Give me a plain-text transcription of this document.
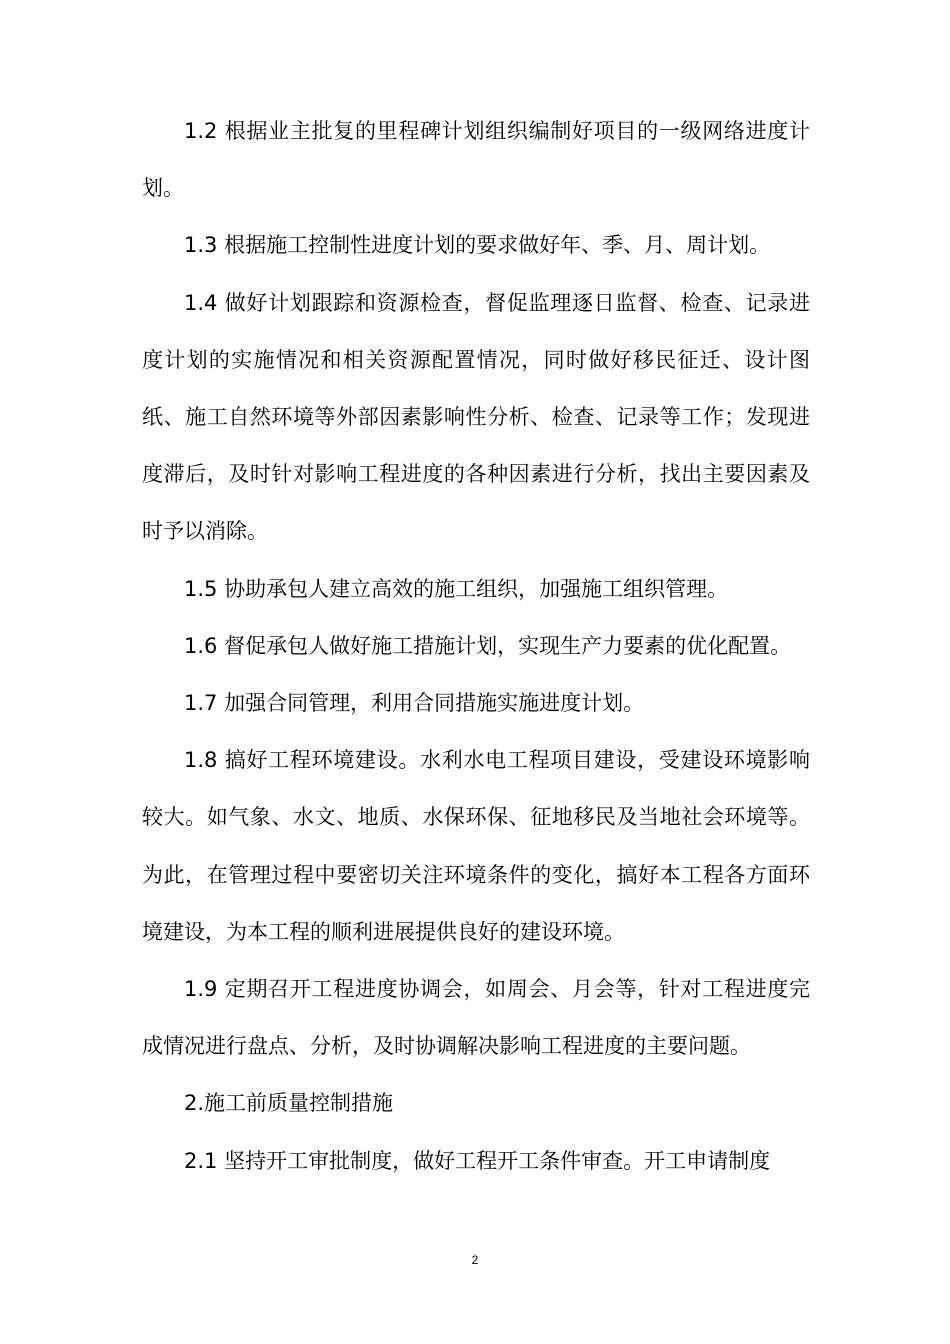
1.2 根据业主批复的里程碑计划组织编制好项目的一级网络进度计划。

1.3 根据施工控制性进度计划的要求做好年、季、月、周计划。

1.4 做好计划跟踪和资源检查，督促监理逐日监督、检查、记录进度计划的实施情况和相关资源配置情况，同时做好移民征迁、设计图纸、施工自然环境等外部因素影响性分析、检查、记录等工作；发现进度滞后，及时针对影响工程进度的各种因素进行分析，找出主要因素及时予以消除。

1.5 协助承包人建立高效的施工组织，加强施工组织管理。

1.6 督促承包人做好施工措施计划，实现生产力要素的优化配置。

1.7 加强合同管理，利用合同措施实施进度计划。

1.8 搞好工程环境建设。水利水电工程项目建设，受建设环境影响较大。如气象、水文、地质、水保环保、征地移民及当地社会环境等。为此，在管理过程中要密切关注环境条件的变化，搞好本工程各方面环境建设，为本工程的顺利进展提供良好的建设环境。

1.9 定期召开工程进度协调会，如周会、月会等，针对工程进度完成情况进行盘点、分析，及时协调解决影响工程进度的主要问题。

2.施工前质量控制措施

2.1 坚持开工审批制度，做好工程开工条件审查。开工申请制度

2
